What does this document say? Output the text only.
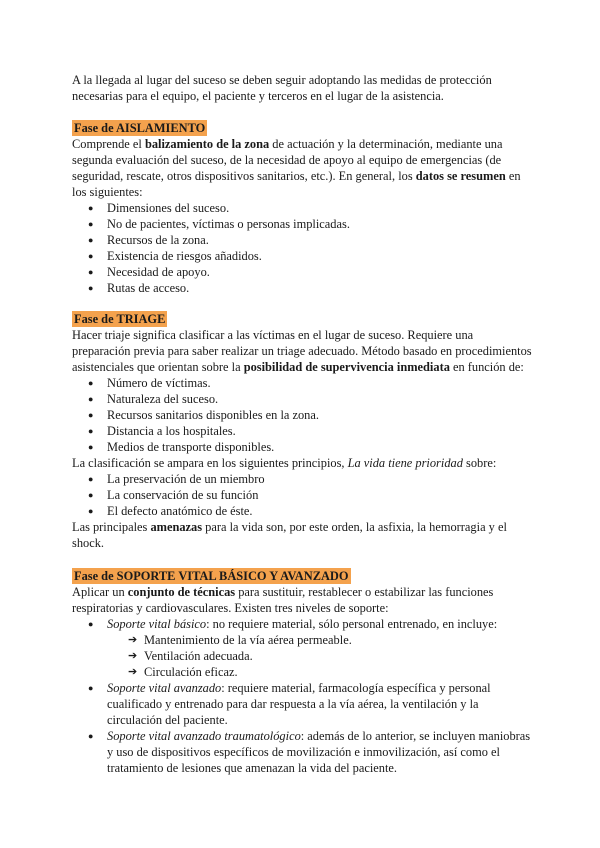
A la llegada al lugar del suceso se deben seguir adoptando las medidas de protección necesarias para el equipo, el paciente y terceros en el lugar de la asistencia.

Fase de AISLAMIENTO

Comprende el balizamiento de la zona de actuación y la determinación, mediante una segunda evaluación del suceso, de la necesidad de apoyo al equipo de emergencias (de seguridad, rescate, otros dispositivos sanitarios, etc.). En general, los datos se resumen en los siguientes:

● Dimensiones del suceso.
● No de pacientes, víctimas o personas implicadas.
● Recursos de la zona.
● Existencia de riesgos añadidos.
● Necesidad de apoyo.
● Rutas de acceso.

Fase de TRIAGE

Hacer triaje significa clasificar a las víctimas en el lugar de suceso. Requiere una preparación previa para saber realizar un triage adecuado. Método basado en procedimientos asistenciales que orientan sobre la posibilidad de supervivencia inmediata en función de:

● Número de víctimas.
● Naturaleza del suceso.
● Recursos sanitarios disponibles en la zona.
● Distancia a los hospitales.
● Medios de transporte disponibles.

La clasificación se ampara en los siguientes principios, La vida tiene prioridad sobre:

● La preservación de un miembro
● La conservación de su función
● El defecto anatómico de éste.

Las principales amenazas para la vida son, por este orden, la asfixia, la hemorragia y el shock.

Fase de SOPORTE VITAL BÁSICO Y AVANZADO

Aplicar un conjunto de técnicas para sustituir, restablecer o estabilizar las funciones respiratorias y cardiovasculares. Existen tres niveles de soporte:

● Soporte vital básico: no requiere material, sólo personal entrenado, en incluye:
➔ Mantenimiento de la vía aérea permeable.
➔ Ventilación adecuada.
➔ Circulación eficaz.
● Soporte vital avanzado: requiere material, farmacología específica y personal cualificado y entrenado para dar respuesta a la vía aérea, la ventilación y la circulación del paciente.
● Soporte vital avanzado traumatológico: además de lo anterior, se incluyen maniobras y uso de dispositivos específicos de movilización e inmovilización, así como el tratamiento de lesiones que amenazan la vida del paciente.
